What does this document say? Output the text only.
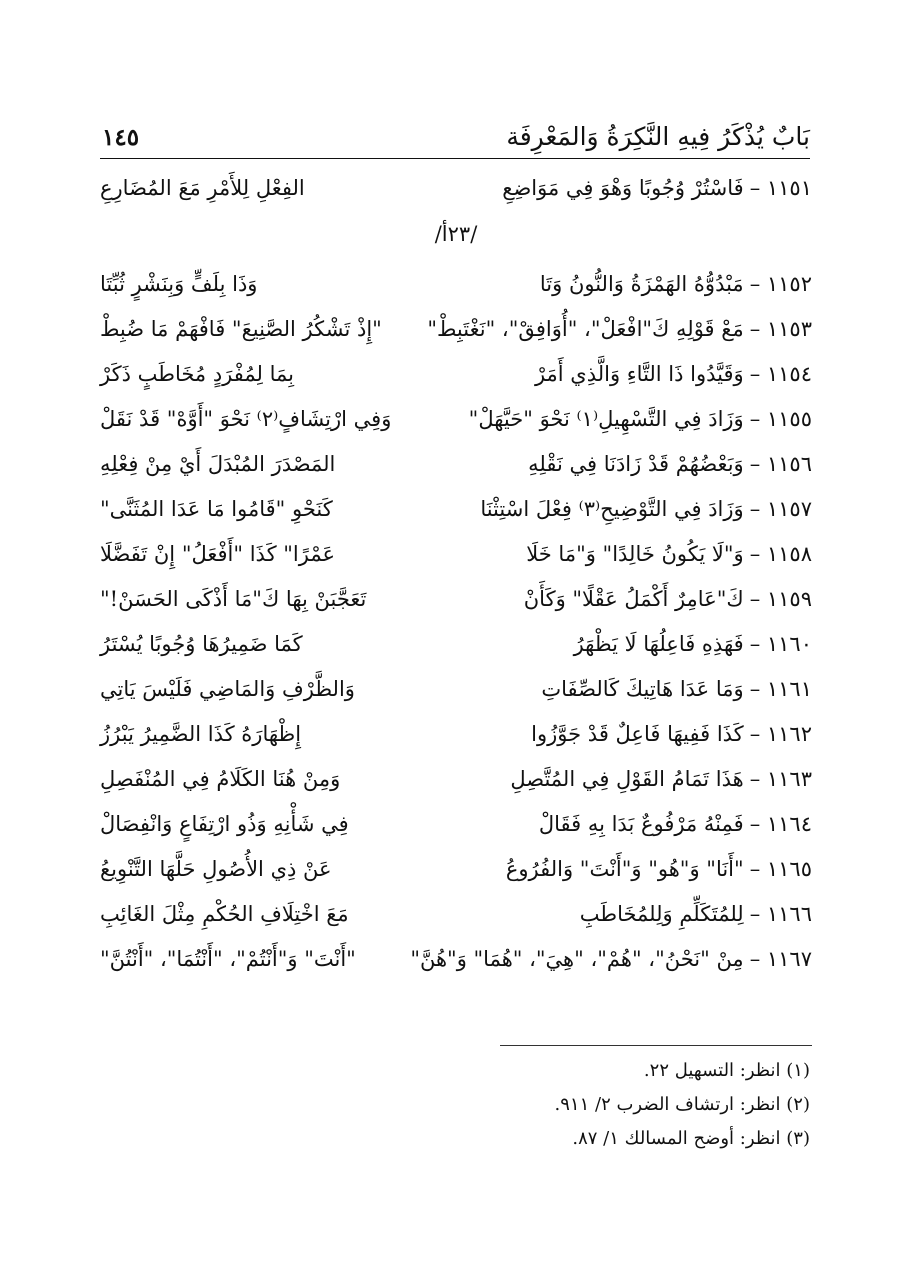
بَابٌ يُذْكَرُ فِيهِ النَّكِرَةُ وَالمَعْرِفَة
١٤٥
١١٥١ –فَاسْتُرْ وُجُوبًا وَهْوَ فِي مَوَاضِعِ
الفِعْلِ لِلأَمْرِ مَعَ المُضَارِعِ
/٢٣أ/
١١٥٢ –مَبْدُوُّهُ الهَمْزَةُ وَالنُّونُ وَتَا
وَذَا بِلَفٍّ وَبِنَشْرٍ ثُبِّتَا
١١٥٣ –مَعْ قَوْلِهِ كَ"افْعَلْ"، "أُوَافِقْ"، "نَغْتَبِطْ"
"إِذْ تَشْكُرُ الصَّنِيعَ" فَافْهَمْ مَا ضُبِطْ
١١٥٤ –وَقَيَّدُوا ذَا التَّاءِ وَالَّذِي أَمَرْ
بِمَا لِمُفْرَدٍ مُخَاطَبٍ ذَكَرْ
١١٥٥ –وَزَادَ فِي التَّسْهِيلِ⁽١⁾ نَحْوَ "حَيَّهَلْ"
وَفِي ارْتِشَافٍ⁽٢⁾ نَحْوَ "أَوَّهْ" قَدْ نَقَلْ
١١٥٦ –وَبَعْضُهُمْ قَدْ زَادَنَا فِي نَقْلِهِ
المَصْدَرَ المُبْدَلَ أَيْ مِنْ فِعْلِهِ
١١٥٧ –وَزَادَ فِي التَّوْضِيحِ⁽٣⁾ فِعْلَ اسْتِثْنَا
كَنَحْوِ "قَامُوا مَا عَدَا المُثَنَّى"
١١٥٨ –وَ"لَا يَكُونُ خَالِدًا" وَ"مَا خَلَا
عَمْرًا" كَذَا "أَفْعَلُ" إِنْ تَفَضَّلَا
١١٥٩ –كَ"عَامِرٌ أَكْمَلُ عَقْلًا" وَكَأَنْ
تَعَجَّبَنْ بِهَا كَ"مَا أَذْكَى الحَسَنْ!"
١١٦٠ –فَهَذِهِ فَاعِلُهَا لَا يَظْهَرُ
كَمَا ضَمِيرُهَا وُجُوبًا يُسْتَرُ
١١٦١ –وَمَا عَدَا هَاتِيكَ كَالصِّفَاتِ
وَالظَّرْفِ وَالمَاضِي فَلَيْسَ يَاتِي
١١٦٢ –كَذَا فَفِيهَا فَاعِلٌ قَدْ جَوَّزُوا
إِظْهَارَهُ كَذَا الضَّمِيرُ يَبْرُزُ
١١٦٣ –هَذَا تَمَامُ القَوْلِ فِي المُتَّصِلِ
وَمِنْ هُنَا الكَلَامُ فِي المُنْفَصِلِ
١١٦٤ –فَمِنْهُ مَرْفُوعٌ بَدَا بِهِ فَقَالْ
فِي شَأْنِهِ وَذُو ارْتِفَاعٍ وَانْفِصَالْ
١١٦٥ –"أَنَا" وَ"هُو" وَ"أَنْتَ" وَالفُرُوعُ
عَنْ ذِي الأُصُولِ حَلَّهَا التَّنْوِيعُ
١١٦٦ –لِلمُتَكَلِّمِ وَلِلمُخَاطَبِ
مَعَ اخْتِلَافِ الحُكْمِ مِثْلَ الغَائِبِ
١١٦٧ –مِنْ "نَحْنُ"، "هُمْ"، "هِيَ"، "هُمَا" وَ"هُنَّ"
"أَنْتَ" وَ"أَنْتُمْ"، "أَنْتُمَا"، "أَنْتُنَّ"
(١) انظر: التسهيل ٢٢.
(٢) انظر: ارتشاف الضرب ٢/ ٩١١.
(٣) انظر: أوضح المسالك ١/ ٨٧.
